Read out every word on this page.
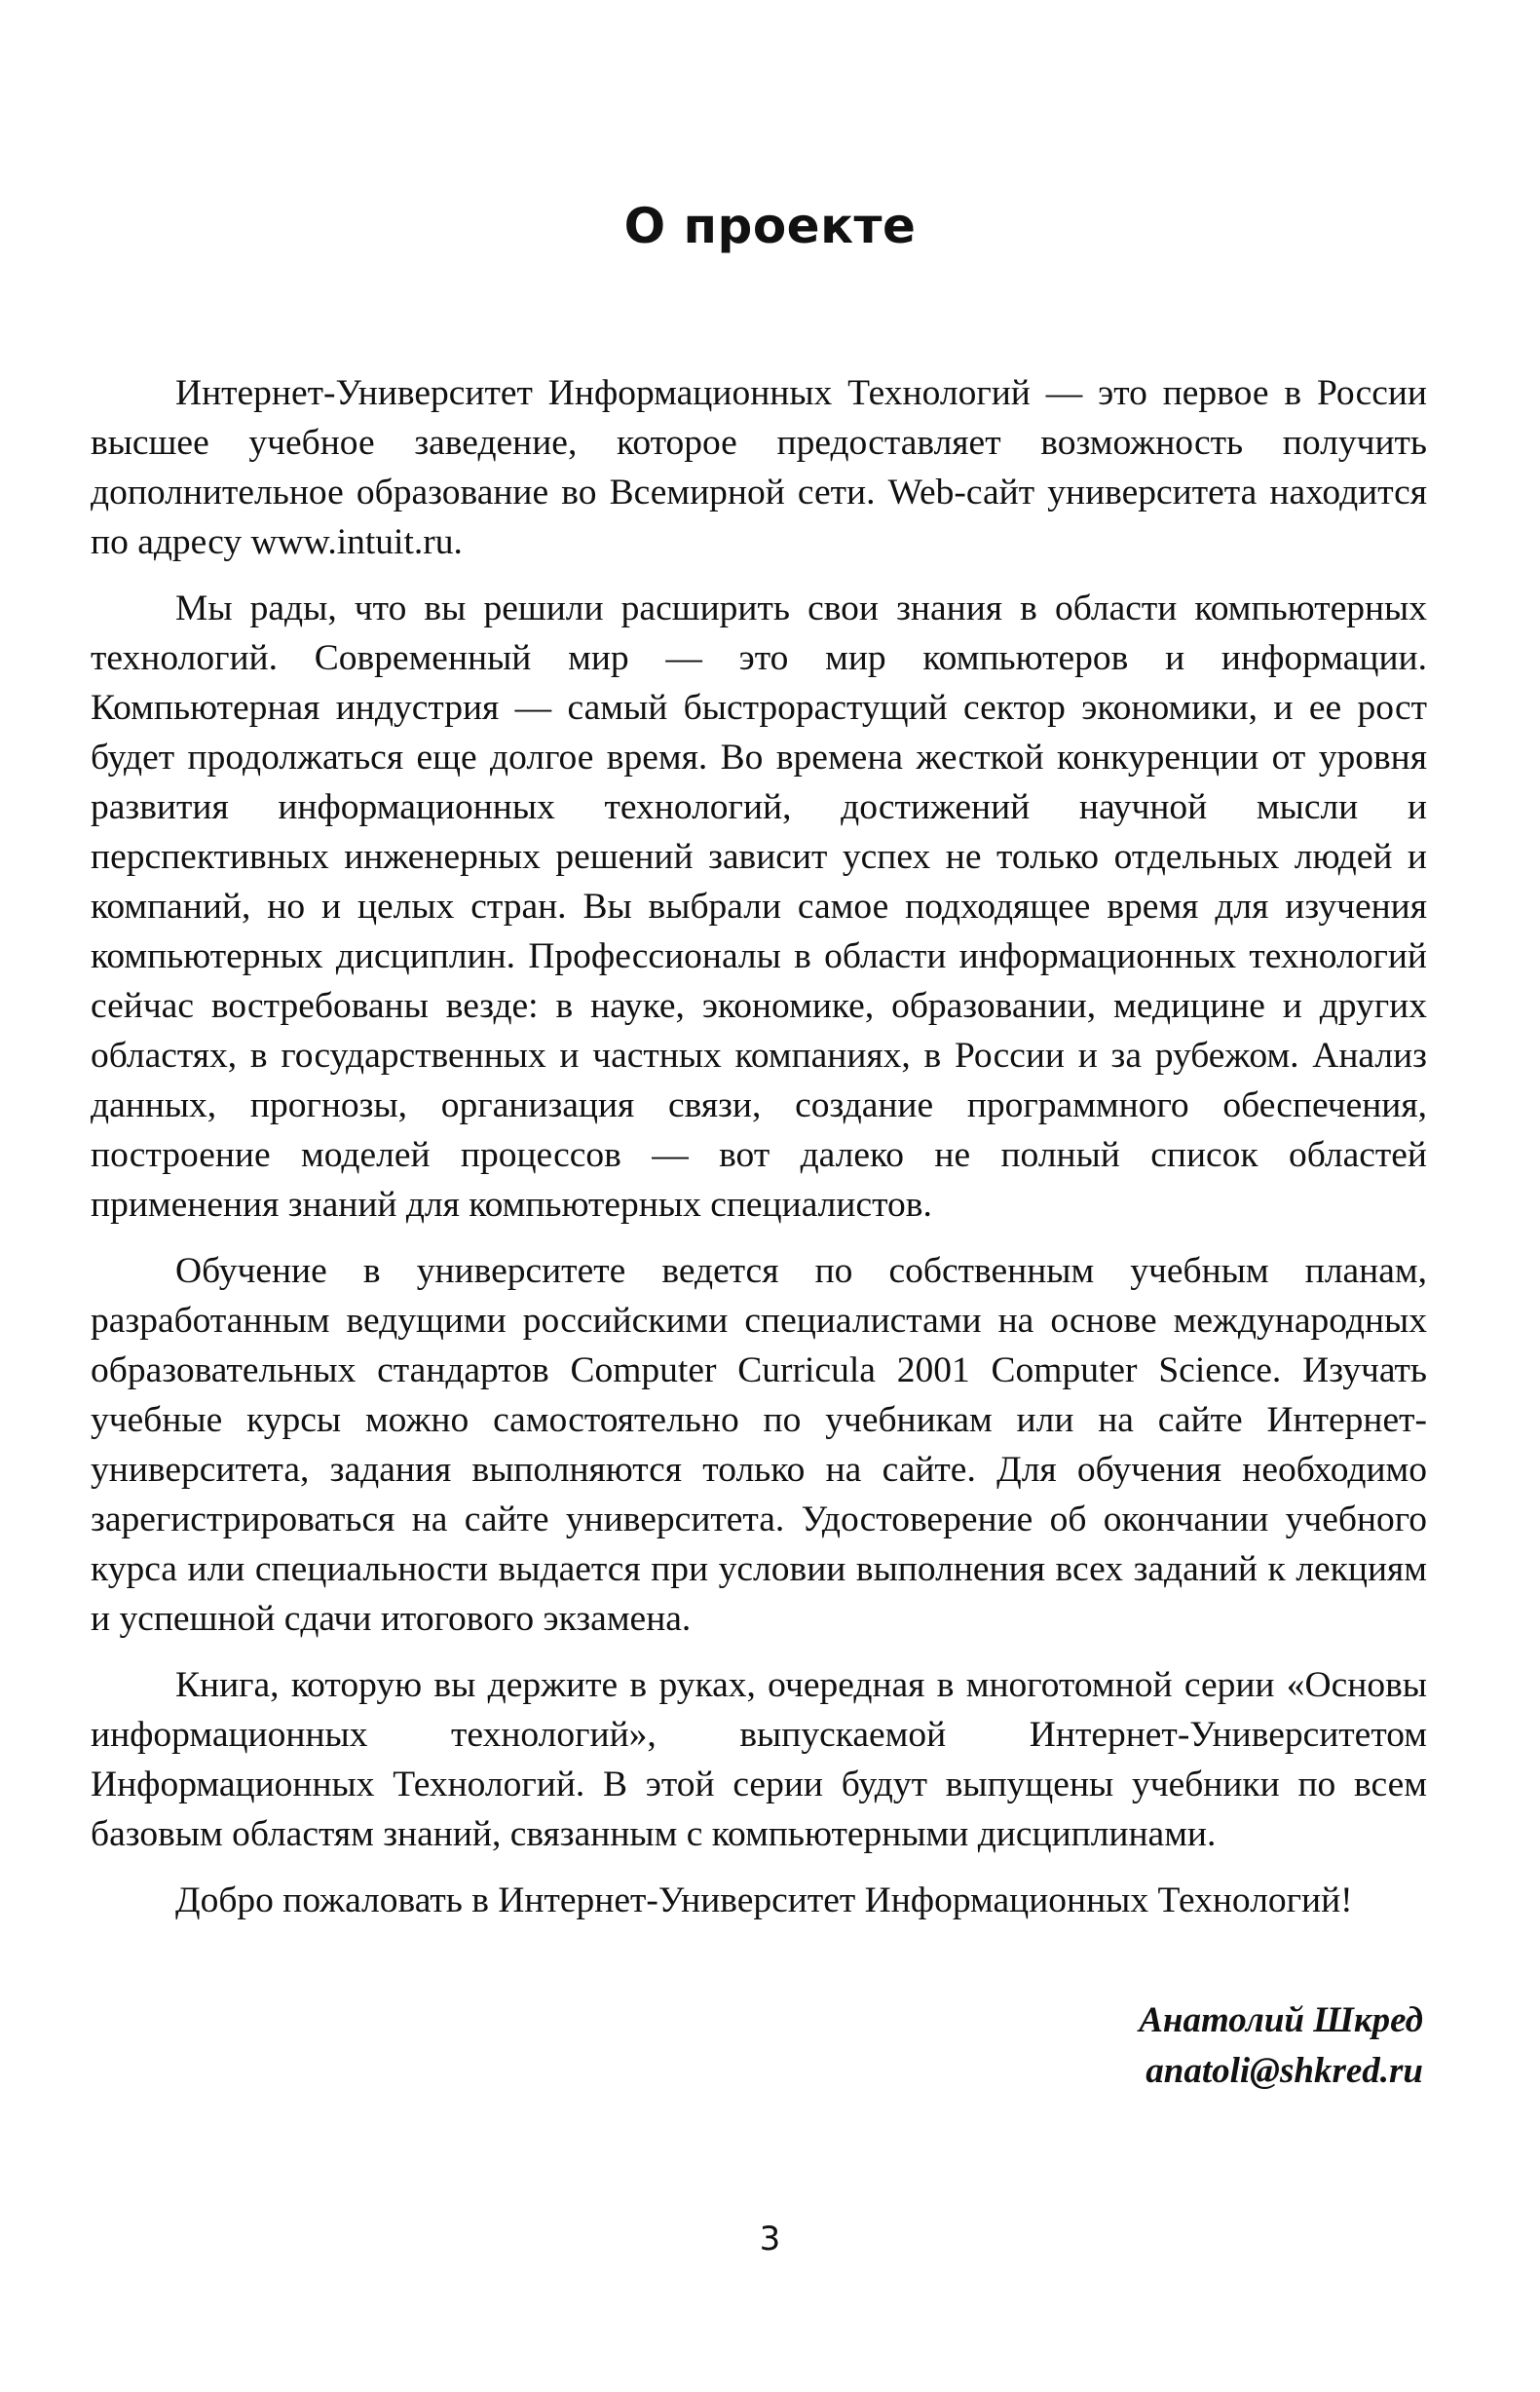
О проекте

Интернет-Университет Информационных Технологий — это первое в России высшее учебное заведение, которое предоставляет возможность получить дополнительное образование во Всемирной сети. Web-сайт университета находится по адресу www.intuit.ru.

Мы рады, что вы решили расширить свои знания в области компьютерных технологий. Современный мир — это мир компьютеров и информации. Компьютерная индустрия — самый быстрорастущий сектор экономики, и ее рост будет продолжаться еще долгое время. Во времена жесткой конкуренции от уровня развития информационных технологий, достижений научной мысли и перспективных инженерных решений зависит успех не только отдельных людей и компаний, но и целых стран. Вы выбрали самое подходящее время для изучения компьютерных дисциплин. Профессионалы в области информационных технологий сейчас востребованы везде: в науке, экономике, образовании, медицине и других областях, в государственных и частных компаниях, в России и за рубежом. Анализ данных, прогнозы, организация связи, создание программного обеспечения, построение моделей процессов — вот далеко не полный список областей применения знаний для компьютерных специалистов.

Обучение в университете ведется по собственным учебным планам, разработанным ведущими российскими специалистами на основе международных образовательных стандартов Computer Curricula 2001 Computer Science. Изучать учебные курсы можно самостоятельно по учебникам или на сайте Интернет-университета, задания выполняются только на сайте. Для обучения необходимо зарегистрироваться на сайте университета. Удостоверение об окончании учебного курса или специальности выдается при условии выполнения всех заданий к лекциям и успешной сдачи итогового экзамена.

Книга, которую вы держите в руках, очередная в многотомной серии «Основы информационных технологий», выпускаемой Интернет-Университетом Информационных Технологий. В этой серии будут выпущены учебники по всем базовым областям знаний, связанным с компьютерными дисциплинами.

Добро пожаловать в Интернет-Университет Информационных Технологий!

Анатолий Шкред
anatoli@shkred.ru
3
